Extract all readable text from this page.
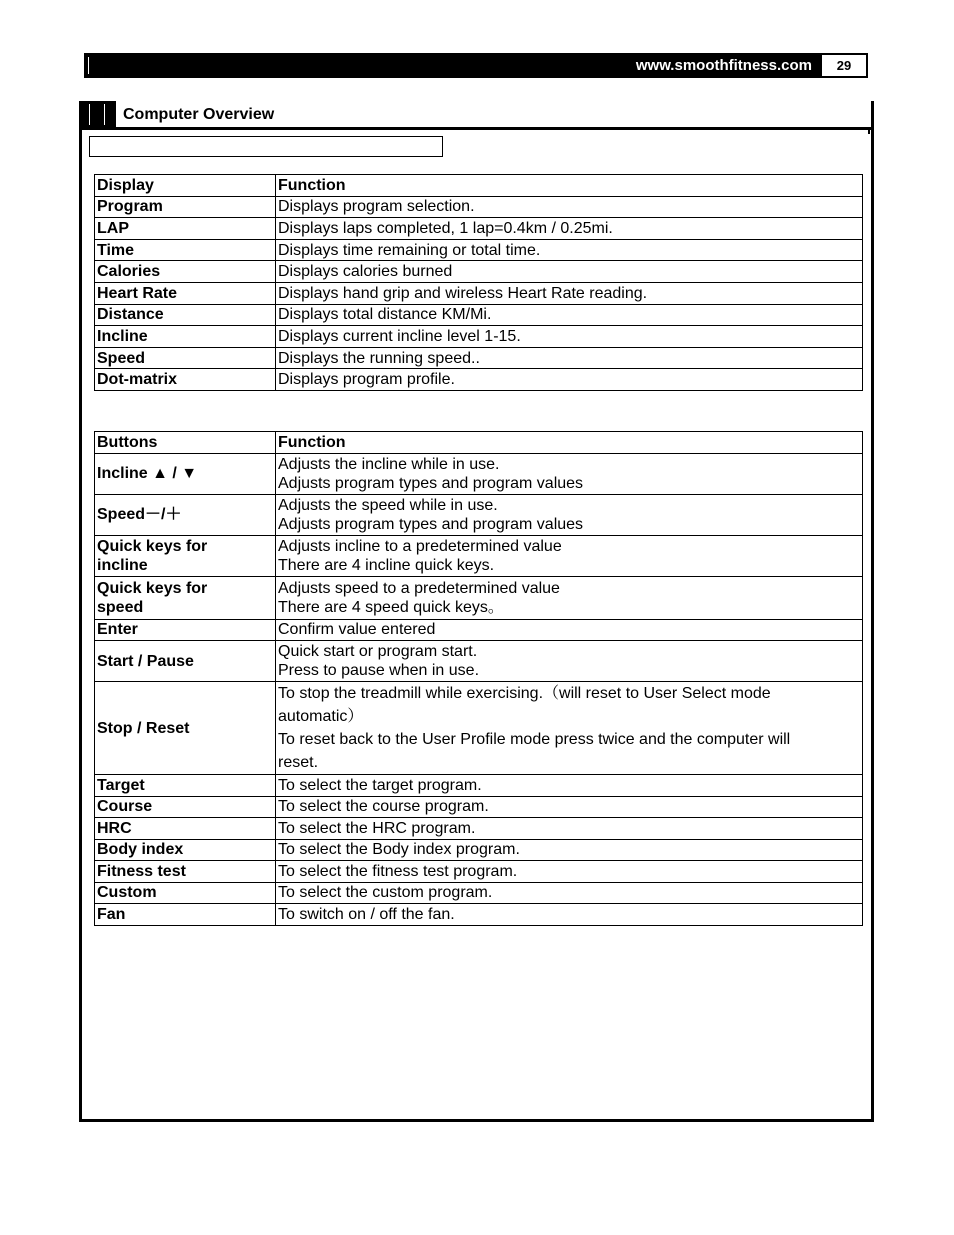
www.smoothfitness.com	29
Computer Overview
Display	Function
Program	Displays program selection.
LAP	Displays laps completed, 1 lap=0.4km / 0.25mi.
Time	Displays time remaining or total time.
Calories	Displays calories burned
Heart Rate	Displays hand grip and wireless Heart Rate reading.
Distance	Displays total distance KM/Mi.
Incline	Displays current incline level 1-15.
Speed	Displays the running speed..
Dot-matrix	Displays program profile.
Buttons	Function

Incline ▲ / ▼	Adjusts the incline while in use.
Adjusts program types and program values

Speed－/＋	Adjusts the speed while in use.
Adjusts program types and program values

Quick keys for
incline	Adjusts incline to a predetermined value
There are 4 incline quick keys.

Quick keys for
speed	Adjusts speed to a predetermined value
There are 4 speed quick keys。

Enter	Confirm value entered

Start / Pause	Quick start or program start.
Press to pause when in use.

Stop / Reset	To stop the treadmill while exercising.（will reset to User Select mode
automatic）
To reset back to the User Profile mode press twice and the computer will
reset.

Target	To select the target program.

Course	To select the course program.

HRC	To select the HRC program.

Body index	To select the Body index program.

Fitness test	To select the fitness test program.

Custom	To select the custom program.

Fan	To switch on / off the fan.
